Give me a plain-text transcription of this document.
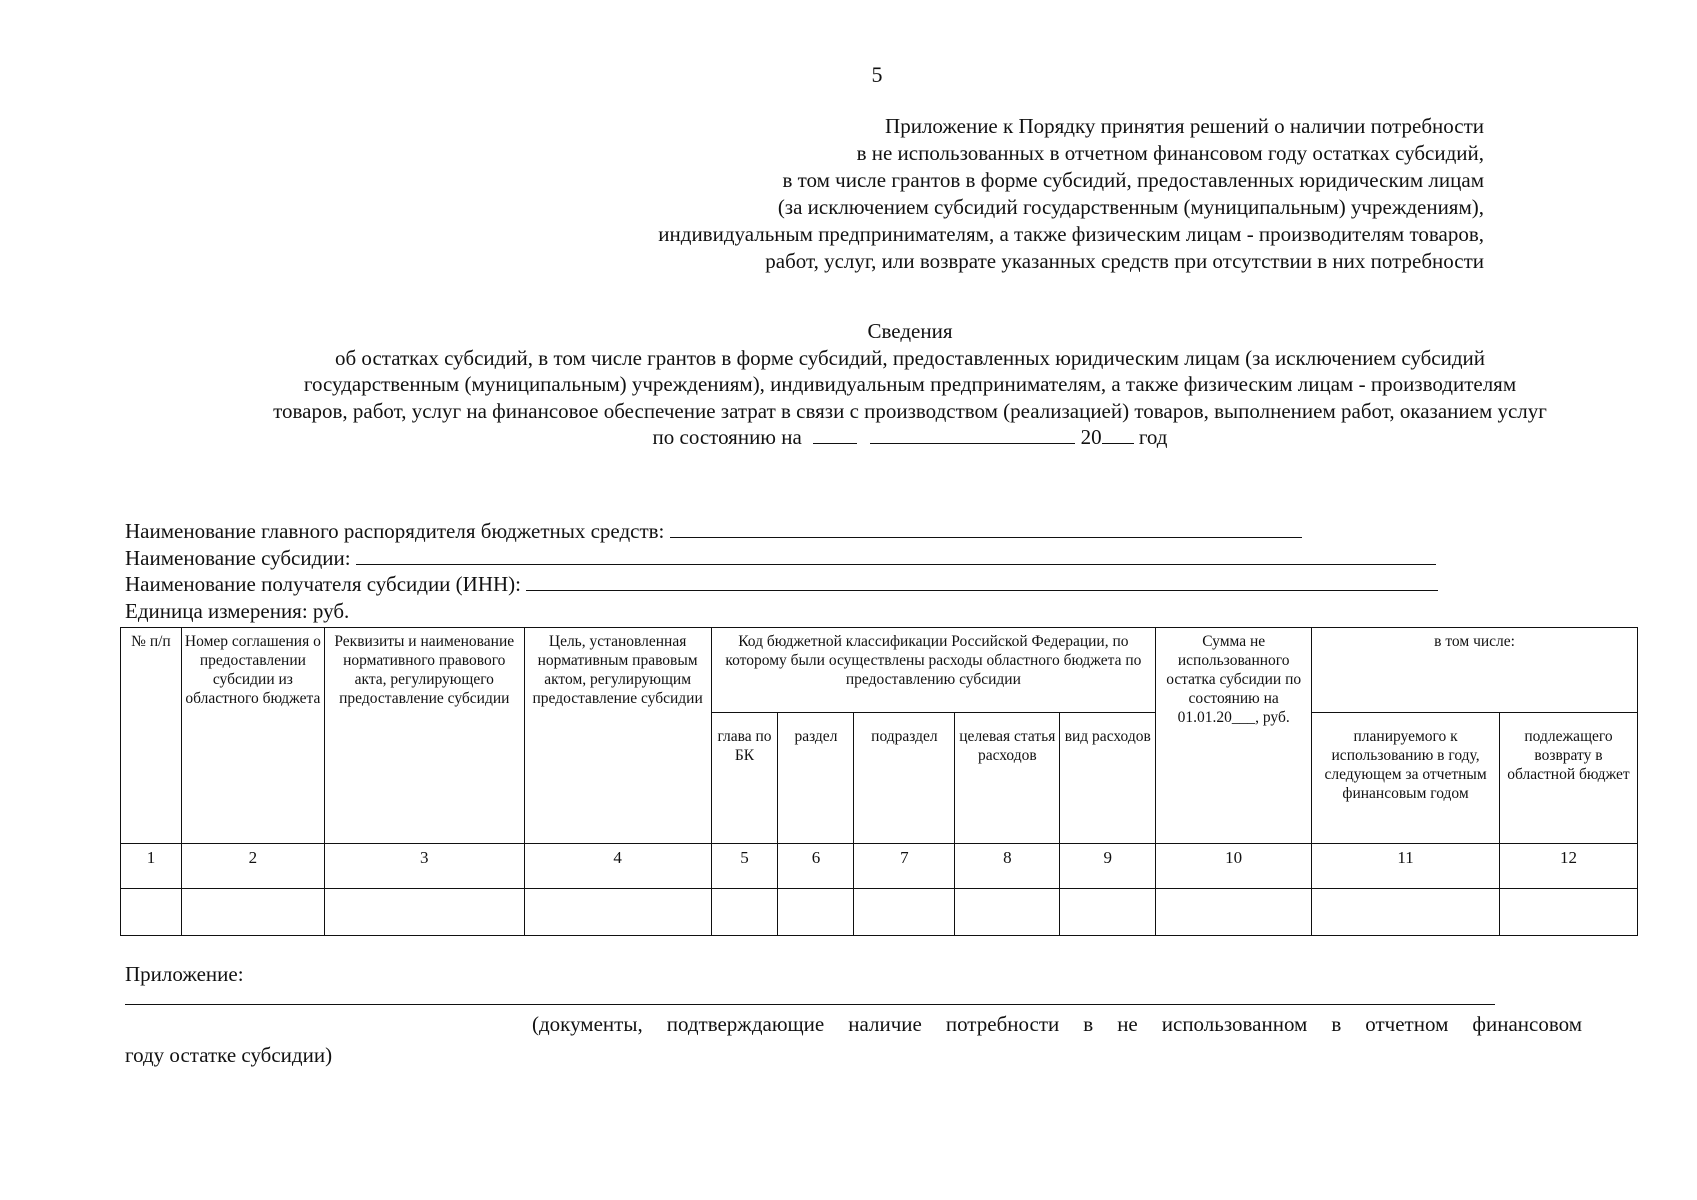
5
Приложение к Порядку принятия решений о наличии потребности
в не использованных в отчетном финансовом году остатках субсидий,
в том числе грантов в форме субсидий, предоставленных юридическим лицам
(за исключением субсидий государственным (муниципальным) учреждениям),
индивидуальным предпринимателям, а также физическим лицам - производителям товаров,
работ, услуг, или возврате указанных средств при отсутствии в них потребности
Сведения
об остатках субсидий, в том числе грантов в форме субсидий, предоставленных юридическим лицам (за исключением субсидий
государственным (муниципальным) учреждениям), индивидуальным предпринимателям, а также физическим лицам - производителям
товаров, работ, услуг на финансовое обеспечение затрат в связи с производством (реализацией) товаров, выполнением работ, оказанием услуг
по состоянию на	20 год
Наименование главного распорядителя бюджетных средств:
Наименование субсидии:
Наименование получателя субсидии (ИНН):
Единица измерения: руб.
№ п/п	Номер соглашения о предоставлении субсидии из областного бюджета	Реквизиты и наименование нормативного правового акта, регулирующего предоставление субсидии	Цель, установленная нормативным правовым актом, регулирующим предоставление субсидии	Код бюджетной классификации Российской Федерации, по которому были осуществлены расходы областного бюджета по предоставлению субсидии					Сумма не использованного остатка субсидии по состоянию на 01.01.20___, руб.	в том числе:	
				глава по БК	раздел	подраздел	целевая статья расходов	вид расходов		планируемого к использованию в году, следующем за отчетным финансовым годом	подлежащего возврату в областной бюджет
1	2	3	4	5	6	7	8	9	10	11	12

Приложение:
(документы, подтверждающие наличие потребности в не использованном в отчетном финансовом
году остатке субсидии)
